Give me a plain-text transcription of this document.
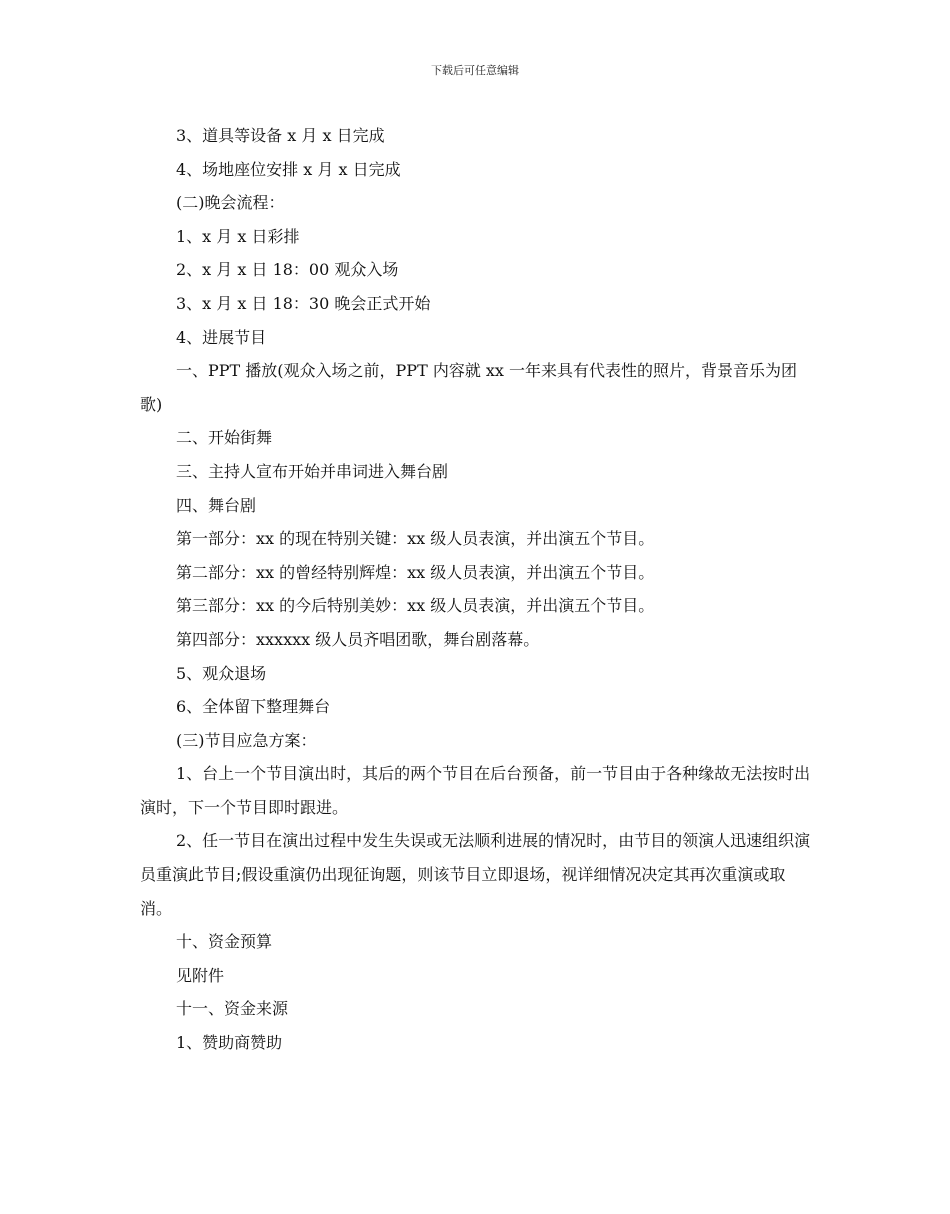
下载后可任意编辑

3、道具等设备 x 月 x 日完成

4、场地座位安排 x 月 x 日完成

(二)晚会流程：

1、x 月 x 日彩排

2、x 月 x 日 18：00 观众入场

3、x 月 x 日 18：30 晚会正式开始

4、进展节目

一、PPT 播放(观众入场之前，PPT 内容就 xx 一年来具有代表性的照片，背景音乐为团歌)

二、开始街舞

三、主持人宣布开始并串词进入舞台剧

四、舞台剧

第一部分：xx 的现在特别关键：xx 级人员表演，并出演五个节目。

第二部分：xx 的曾经特别辉煌：xx 级人员表演，并出演五个节目。

第三部分：xx 的今后特别美妙：xx 级人员表演，并出演五个节目。

第四部分：xxxxxx 级人员齐唱团歌，舞台剧落幕。

5、观众退场

6、全体留下整理舞台

(三)节目应急方案：

1、台上一个节目演出时，其后的两个节目在后台预备，前一节目由于各种缘故无法按时出演时，下一个节目即时跟进。

2、任一节目在演出过程中发生失误或无法顺利进展的情况时，由节目的领演人迅速组织演员重演此节目;假设重演仍出现征询题，则该节目立即退场，视详细情况决定其再次重演或取消。

十、资金预算

见附件

十一、资金来源

1、赞助商赞助
